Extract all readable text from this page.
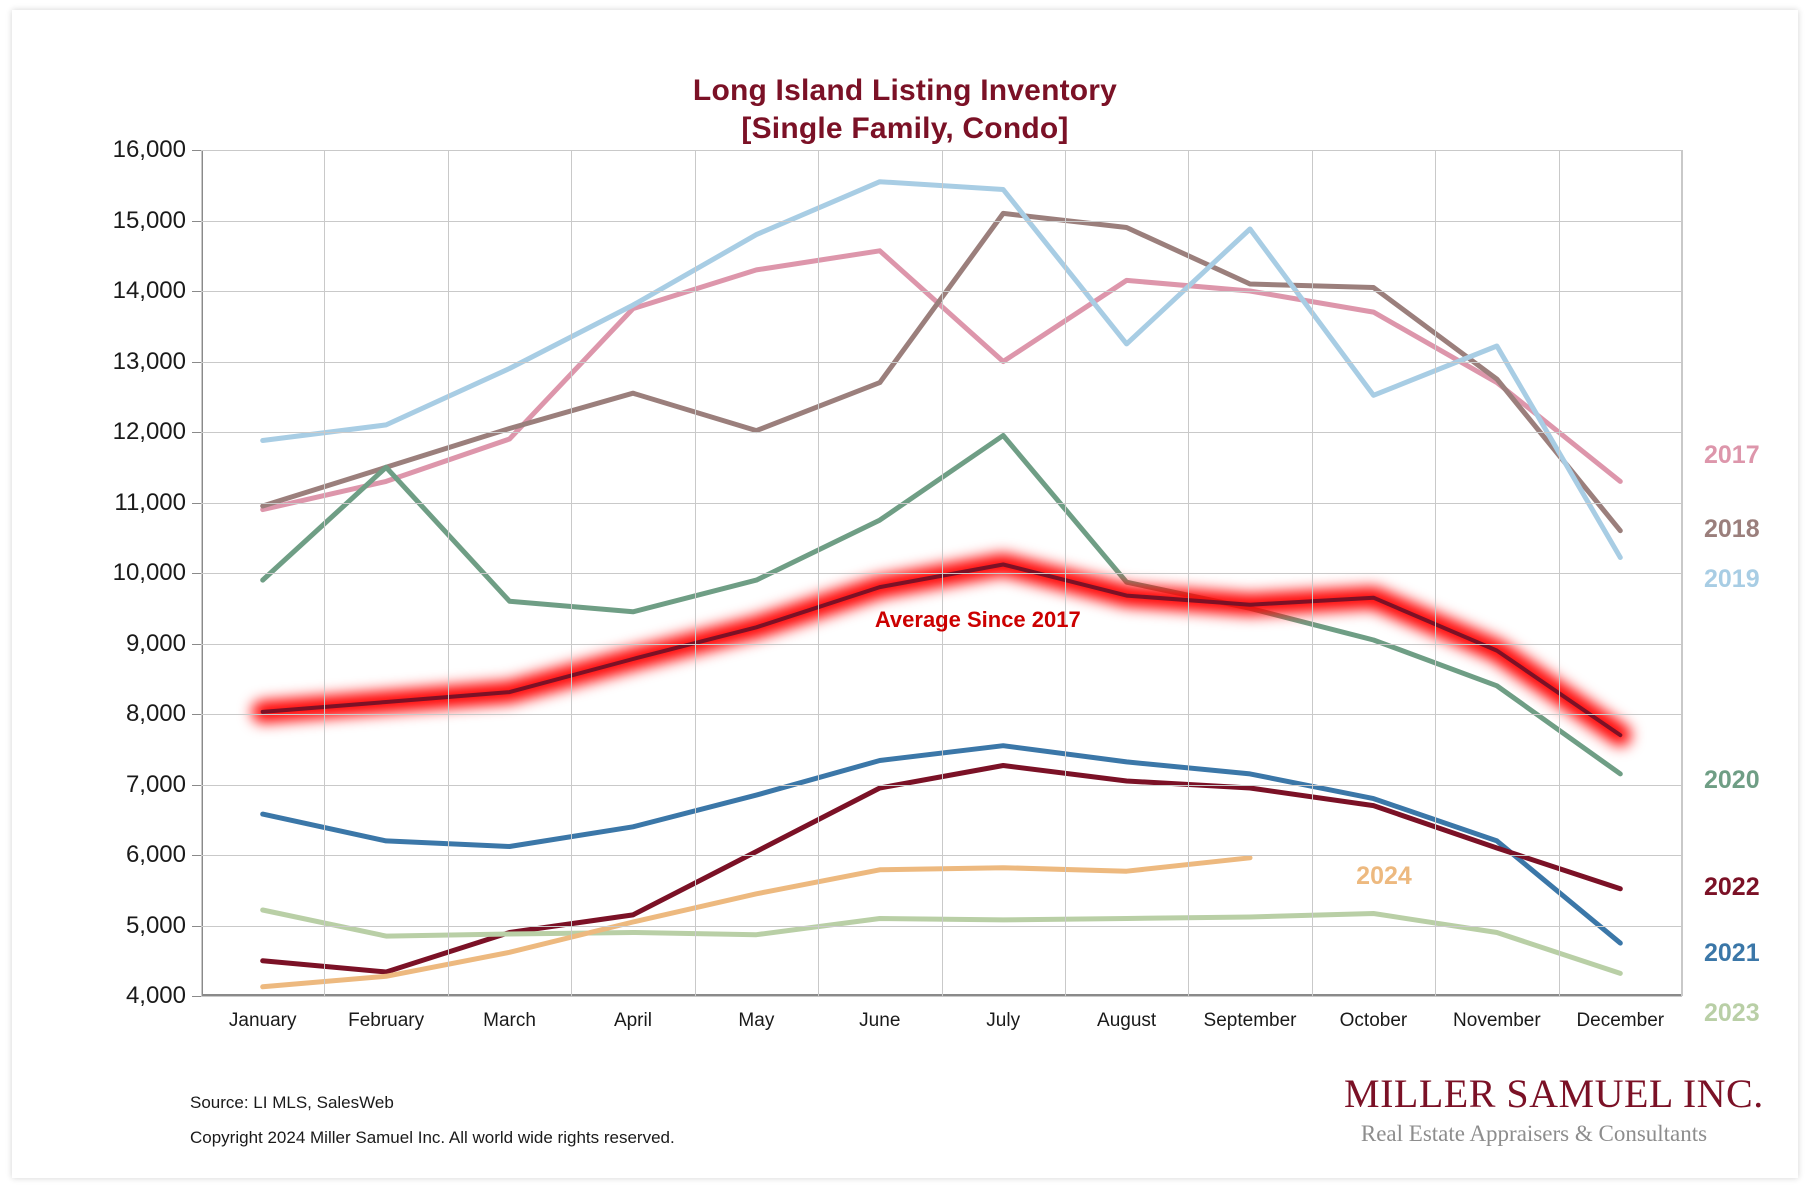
Long Island Listing Inventory
[Single Family, Condo]
4,000
5,000
6,000
7,000
8,000
9,000
10,000
11,000
12,000
13,000
14,000
15,000
16,000
January	February	March	April	May	June	July	August September October November December
2017
2018
2019
2020
2022
2021
2023
Average Since 2017
2024
Source: LI MLS, SalesWeb
Copyright 2024 Miller Samuel Inc. All world wide rights reserved.
MILLER SAMUEL INC.
Real Estate Appraisers & Consultants
